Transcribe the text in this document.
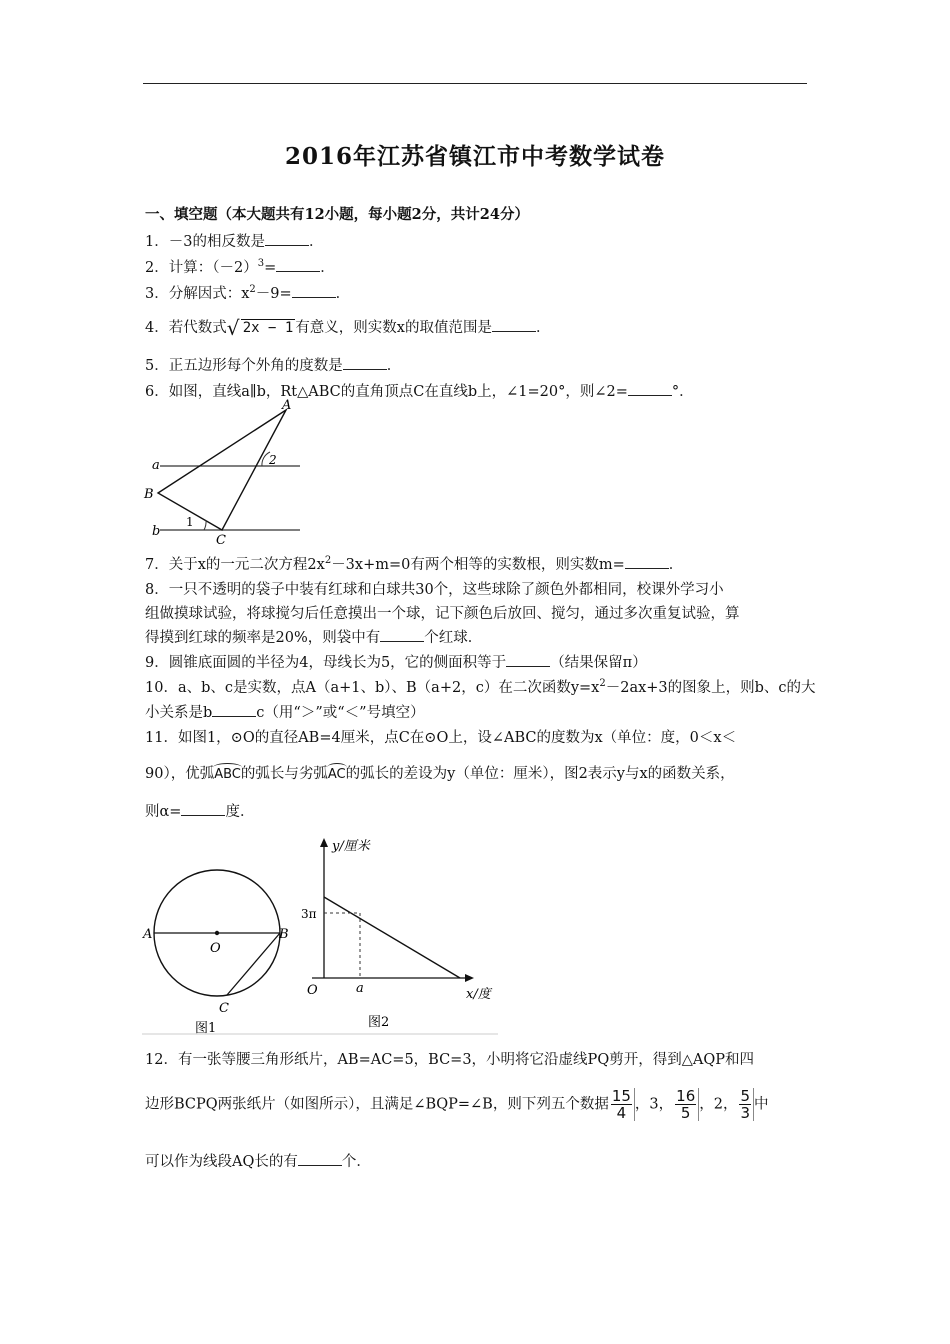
2016年江苏省镇江市中考数学试卷
一、填空题（本大题共有12小题，每小题2分，共计24分）
1．－3的相反数是	．
2．计算：$(-2)^3=$	．
3．分解因式：$x^2-9=$	．
4．若代数式 √ 2x − 1 有意义，则实数x的取值范围是	．
5．正五边形每个外角的度数是	．
6．如图，直线a∥b，Rt△ABC的直角顶点C在直线b上，∠1=20°，则∠2=	°．
A
B
C
a
b
1
2
7．关于x的一元二次方程$2x^2-3x+m=0$有两个相等的实数根，则实数m=	．
8．一只不透明的袋子中装有红球和白球共30个，这些球除了颜色外都相同，校课外学习小
组做摸球试验，将球搅匀后任意摸出一个球，记下颜色后放回、搅匀，通过多次重复试验，算
得摸到红球的频率是20%，则袋中有	个红球．
9．圆锥底面圆的半径为4，母线长为5，它的侧面积等于	（结果保留π）
10．a、b、c是实数，点A（a+1、b）、B（a+2，c）在二次函数$y=x^2-2ax+3$的图象上，则b、c的大
小关系是b	c（用“＞”或“＜”号填空）
11．如图1，⊙O的直径AB=4厘米，点C在⊙O上，设∠ABC的度数为x（单位：度，0＜x＜
90），优弧ABC的弧长与劣弧AC的弧长的差设为y（单位：厘米），图2表示y与x的函数关系，
则α=	度．
A	B
O
C
图1
y/厘米
x/度
O
3π
a
图2
12．有一张等腰三角形纸片，AB=AC=5，BC=3，小明将它沿虚线PQ剪开，得到△AQP和四
边形BCPQ两张纸片（如图所示），且满足∠BQP=∠B，则下列五个数据 $\frac{15}{4}$ ，3， $\frac{16}{5}$ ，2， $\frac{5}{3}$ 中
可以作为线段AQ长的有	个．
